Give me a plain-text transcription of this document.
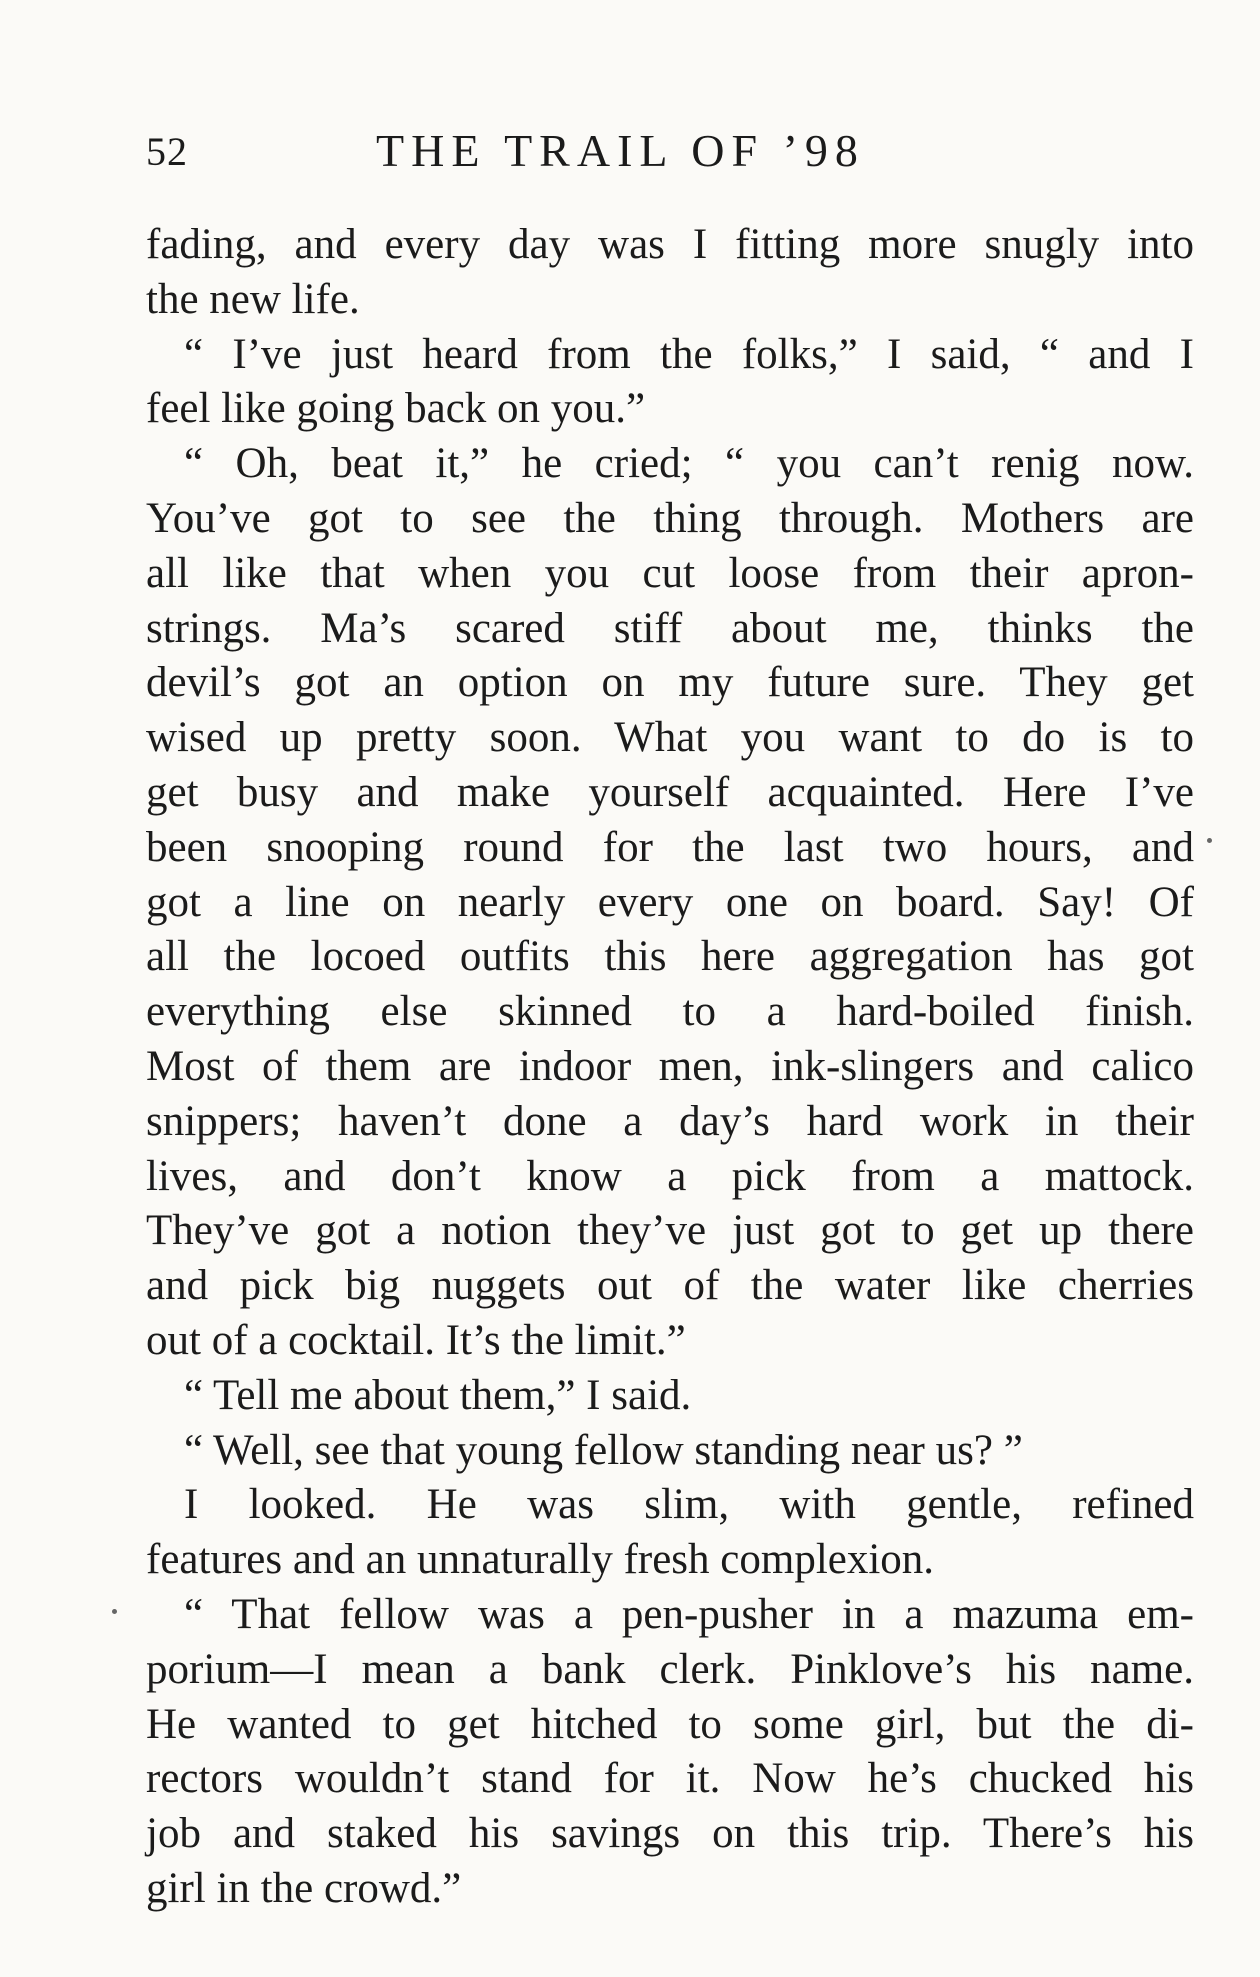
52	THE TRAIL OF ’98
fading, and every day was I fitting more snugly into
the new life.
“ I’ve just heard from the folks,” I said, “ and I
feel like going back on you.”
“ Oh, beat it,” he cried; “ you can’t renig now.
You’ve got to see the thing through. Mothers are
all like that when you cut loose from their apron-
strings. Ma’s scared stiff about me, thinks the
devil’s got an option on my future sure. They get
wised up pretty soon. What you want to do is to
get busy and make yourself acquainted. Here I’ve
been snooping round for the last two hours, and
got a line on nearly every one on board. Say! Of
all the locoed outfits this here aggregation has got
everything else skinned to a hard-boiled finish.
Most of them are indoor men, ink-slingers and calico
snippers; haven’t done a day’s hard work in their
lives, and don’t know a pick from a mattock.
They’ve got a notion they’ve just got to get up there
and pick big nuggets out of the water like cherries
out of a cocktail. It’s the limit.”
“ Tell me about them,” I said.
“ Well, see that young fellow standing near us? ”
I looked. He was slim, with gentle, refined
features and an unnaturally fresh complexion.
“ That fellow was a pen-pusher in a mazuma em-
porium—I mean a bank clerk. Pinklove’s his name.
He wanted to get hitched to some girl, but the di-
rectors wouldn’t stand for it. Now he’s chucked his
job and staked his savings on this trip. There’s his
girl in the crowd.”
